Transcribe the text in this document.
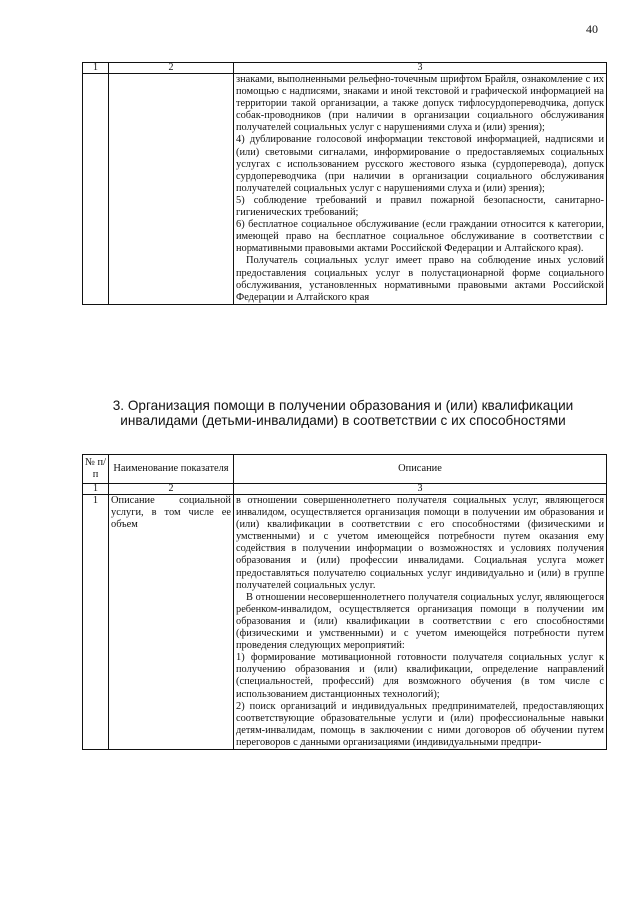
40
1	2	3

		знаками, выполненными рельефно-точечным шрифтом Брайля, ознакомление с их помощью с надписями, знаками и иной текстовой и графической информацией на территории такой организации, а также допуск тифлосурдопереводчика, допуск собак-проводников (при наличии в организации социального обслуживания получателей социальных услуг с нарушениями слуха и (или) зрения);

4) дублирование голосовой информации текстовой информацией, надписями и (или) световыми сигналами, информирование о предоставляемых социальных услугах с использованием русского жестового языка (сурдоперевода), допуск сурдопереводчика (при наличии в организации социального обслуживания получателей социальных услуг с нарушениями слуха и (или) зрения);

5) соблюдение требований и правил пожарной безопасности, санитарно-гигиенических требований;

6) бесплатное социальное обслуживание (если граждании относится к категории, имеющей право на бесплатное социальное обслуживание в соответствии с нормативными правовыми актами Российской Федерации и Алтайского края).

Получатель социальных услуг имеет право на соблюдение иных условий предоставления социальных услуг в полустационарной форме социального обслуживания, установленных нормативными правовыми актами Российской Федерации и Алтайского края

3. Организация помощи в получении образования и (или) квалификации инвалидами (детьми-инвалидами) в соответствии с их способностями
№ п/п	Наименование показателя	Описание
1	2	3
1	Описание социальной услуги, в том числе ее объем	в отношении совершеннолетнего получателя социальных услуг, являющегося инвалидом, осуществляется организация помощи в получении им образования и (или) квалификации в соответствии с его способностями (физическими и умственными) и с учетом имеющейся потребности путем оказания ему содействия в получении информации о возможностях и условиях получения образования и (или) профессии инвалидами. Социальная услуга может предоставляться получателю социальных услуг индивидуально и (или) в группе получателей социальных услуг.

В отношении несовершеннолетнего получателя социальных услуг, являющегося ребенком-инвалидом, осуществляется организация помощи в получении им образования и (или) квалификации в соответствии с его способностями (физическими и умственными) и с учетом имеющейся потребности путем проведения следующих мероприятий:

1) формирование мотивационной готовности получателя социальных услуг к получению образования и (или) квалификации, определение направлений (специальностей, профессий) для возможного обучения (в том числе с использованием дистанционных технологий);

2) поиск организаций и индивидуальных предпринимателей, предоставляющих соответствующие образовательные услуги и (или) профессиональные навыки детям-инвалидам, помощь в заключении с ними договоров об обучении путем переговоров с данными организациями (индивидуальными предпри-
